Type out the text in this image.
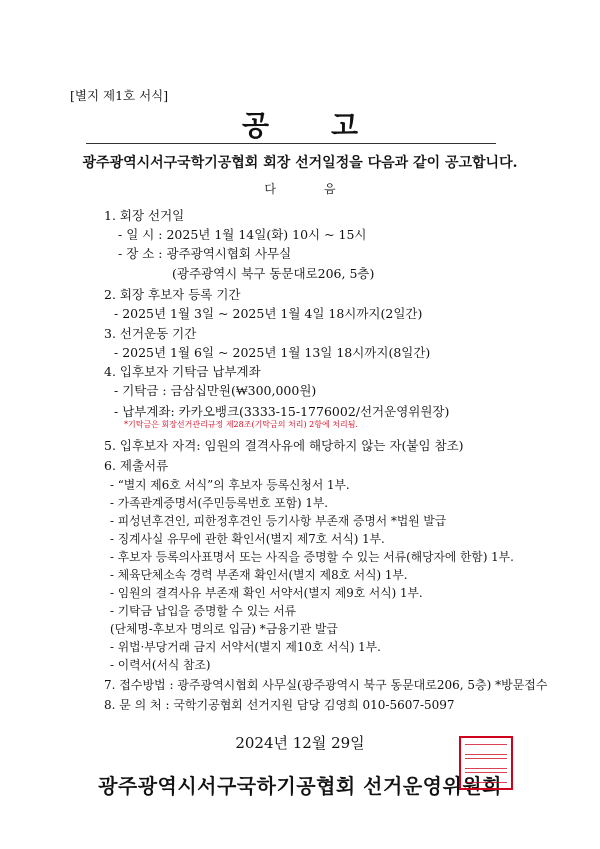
[별지 제1호 서식]
공고
광주광역시서구국학기공협회 회장 선거일정을 다음과 같이 공고합니다.
다음
1. 회장 선거일
- 일 시 : 2025년 1월 14일(화) 10시 ~ 15시
- 장 소 : 광주광역시협회 사무실
(광주광역시 북구 동문대로206, 5층)
2. 회장 후보자 등록 기간
- 2025년 1월 3일 ~ 2025년 1월 4일 18시까지(2일간)
3. 선거운동 기간
- 2025년 1월 6일 ~ 2025년 1월 13일 18시까지(8일간)
4. 입후보자 기탁금 납부계좌
- 기탁금 : 금삼십만원(₩300,000원)
- 납부계좌: 카카오뱅크(3333-15-1776002/선거운영위원장)
*기탁금은 회장선거관리규정 제28조(기탁금의 처리) 2항에 처리됨.
5. 입후보자 자격: 임원의 결격사유에 해당하지 않는 자(붙임 참조)
6. 제출서류
- “별지 제6호 서식”의 후보자 등록신청서 1부.
- 가족관계증명서(주민등록번호 포함) 1부.
- 피성년후견인, 피한정후견인 등기사항 부존재 증명서 *법원 발급
- 징계사실 유무에 관한 확인서(별지 제7호 서식) 1부.
- 후보자 등록의사표명서 또는 사직을 증명할 수 있는 서류(해당자에 한함) 1부.
- 체육단체소속 경력 부존재 확인서(별지 제8호 서식) 1부.
- 임원의 결격사유 부존재 확인 서약서(별지 제9호 서식) 1부.
- 기탁금 납입을 증명할 수 있는 서류
(단체명-후보자 명의로 입금) *금융기관 발급
- 위법·부당거래 금지 서약서(별지 제10호 서식) 1부.
- 이력서(서식 참조)
7. 접수방법 : 광주광역시협회 사무실(광주광역시 북구 동문대로206, 5층) *방문접수
8. 문 의 처 : 국학기공협회 선거지원 담당 김영희 010-5607-5097
2024년 12월 29일
광주광역시서구국하기공협회 선거운영위원회
